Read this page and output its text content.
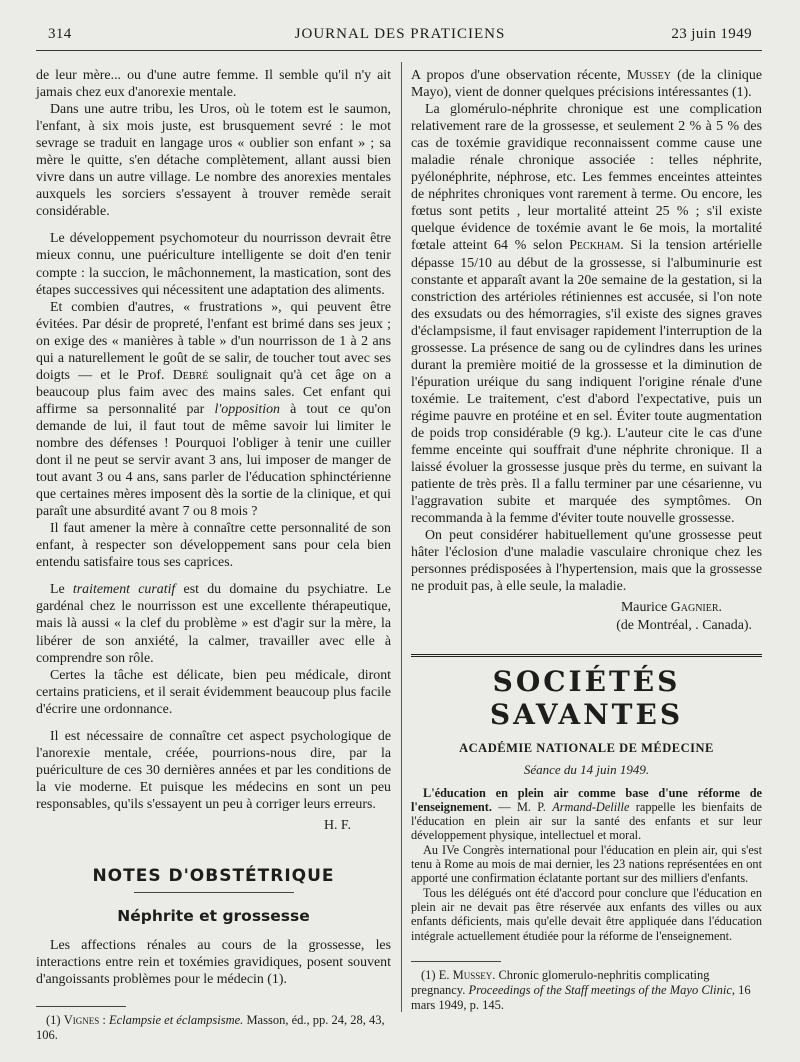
314	JOURNAL DES PRATICIENS	23 juin 1949

de leur mère... ou d'une autre femme. Il semble qu'il n'y ait jamais chez eux d'anorexie mentale.

Dans une autre tribu, les Uros, où le totem est le saumon, l'enfant, à six mois juste, est brusquement sevré : le mot sevrage se traduit en langage uros « oublier son enfant » ; sa mère le quitte, s'en détache complètement, allant aussi bien vivre dans un autre village. Le nombre des anorexies mentales auxquels les sorciers s'essayent à trouver remède serait considérable.

Le développement psychomoteur du nourrisson devrait être mieux connu, une puériculture intelligente se doit d'en tenir compte : la succion, le mâchonnement, la mastication, sont des étapes successives qui nécessitent une adaptation des aliments.

Et combien d'autres, « frustrations », qui peuvent être évitées. Par désir de propreté, l'enfant est brimé dans ses jeux ; on exige des « manières à table » d'un nourrisson de 1 à 2 ans qui a naturellement le goût de se salir, de toucher tout avec ses doigts — et le Prof. Debré soulignait qu'à cet âge on a beaucoup plus faim avec des mains sales. Cet enfant qui affirme sa personnalité par l'opposition à tout ce qu'on demande de lui, il faut tout de même savoir lui limiter le nombre des défenses ! Pourquoi l'obliger à tenir une cuiller dont il ne peut se servir avant 3 ans, lui imposer de manger de tout avant 3 ou 4 ans, sans parler de l'éducation sphinctérienne que certaines mères imposent dès la sortie de la clinique, et qui paraît une absurdité avant 7 ou 8 mois ?

Il faut amener la mère à connaître cette personnalité de son enfant, à respecter son développement sans pour cela bien entendu satisfaire tous ses caprices.

Le traitement curatif est du domaine du psychiatre. Le gardénal chez le nourrisson est une excellente thérapeutique, mais là aussi « la clef du problème » est d'agir sur la mère, la libérer de son anxiété, la calmer, travailler avec elle à comprendre son rôle.

Certes la tâche est délicate, bien peu médicale, diront certains praticiens, et il serait évidemment beaucoup plus facile d'écrire une ordonnance.

Il est nécessaire de connaître cet aspect psychologique de l'anorexie mentale, créée, pourrions-nous dire, par la puériculture de ces 30 dernières années et par les conditions de la vie moderne. Et puisque les médecins en sont un peu responsables, qu'ils s'essayent un peu à corriger leurs erreurs.

H. F.
NOTES D'OBSTÉTRIQUE
Néphrite et grossesse

Les affections rénales au cours de la grossesse, les interactions entre rein et toxémies gravidiques, posent souvent d'angoissants problèmes pour le médecin (1).

(1) Vignes : Eclampsie et éclampsisme. Masson, éd., pp. 24, 28, 43, 106.

A propos d'une observation récente, Mussey (de la clinique Mayo), vient de donner quelques précisions intéressantes (1).

La glomérulo-néphrite chronique est une complication relativement rare de la grossesse, et seulement 2 % à 5 % des cas de toxémie gravidique reconnaissent comme cause une maladie rénale chronique associée : telles néphrite, pyélonéphrite, néphrose, etc. Les femmes enceintes atteintes de néphrites chroniques vont rarement à terme. Ou encore, les fœtus sont petits , leur mortalité atteint 25 % ; s'il existe quelque évidence de toxémie avant le 6e mois, la mortalité fœtale atteint 64 % selon Peckham. Si la tension artérielle dépasse 15/10 au début de la grossesse, si l'albuminurie est constante et apparaît avant la 20e semaine de la gestation, si la constriction des artérioles rétiniennes est accusée, si l'on note des exsudats ou des hémorragies, s'il existe des signes graves d'éclampsisme, il faut envisager rapidement l'interruption de la grossesse. La présence de sang ou de cylindres dans les urines durant la première moitié de la grossesse et la diminution de l'épuration uréique du sang indiquent l'origine rénale d'une toxémie. Le traitement, c'est d'abord l'expectative, puis un régime pauvre en protéine et en sel. Éviter toute augmentation de poids trop considérable (9 kg.). L'auteur cite le cas d'une femme enceinte qui souffrait d'une néphrite chronique. Il a laissé évoluer la grossesse jusque près du terme, en suivant la patiente de très près. Il a fallu terminer par une césarienne, vu l'aggravation subite et marquée des symptômes. On recommanda à la femme d'éviter toute nouvelle grossesse.

On peut considérer habituellement qu'une grossesse peut hâter l'éclosion d'une maladie vasculaire chronique chez les personnes prédisposées à l'hypertension, mais que la grossesse ne produit pas, à elle seule, la maladie.

Maurice Gagnier.
(de Montréal, . Canada).
SOCIÉTÉS SAVANTES
ACADÉMIE NATIONALE DE MÉDECINE
Séance du 14 juin 1949.

L'éducation en plein air comme base d'une réforme de l'enseignement. — M. P. Armand-Delille rappelle les bienfaits de l'éducation en plein air sur la santé des enfants et sur leur développement physique, intellectuel et moral.

Au IVe Congrès international pour l'éducation en plein air, qui s'est tenu à Rome au mois de mai dernier, les 23 nations représentées en ont apporté une confirmation éclatante portant sur des milliers d'enfants.

Tous les délégués ont été d'accord pour conclure que l'éducation en plein air ne devait pas être réservée aux enfants des villes ou aux enfants déficients, mais qu'elle devait être appliquée dans l'éducation intégrale actuellement étudiée pour la réforme de l'enseignement.

(1) E. Mussey. Chronic glomerulo-nephritis complicating pregnancy. Proceedings of the Staff meetings of the Mayo Clinic, 16 mars 1949, p. 145.
